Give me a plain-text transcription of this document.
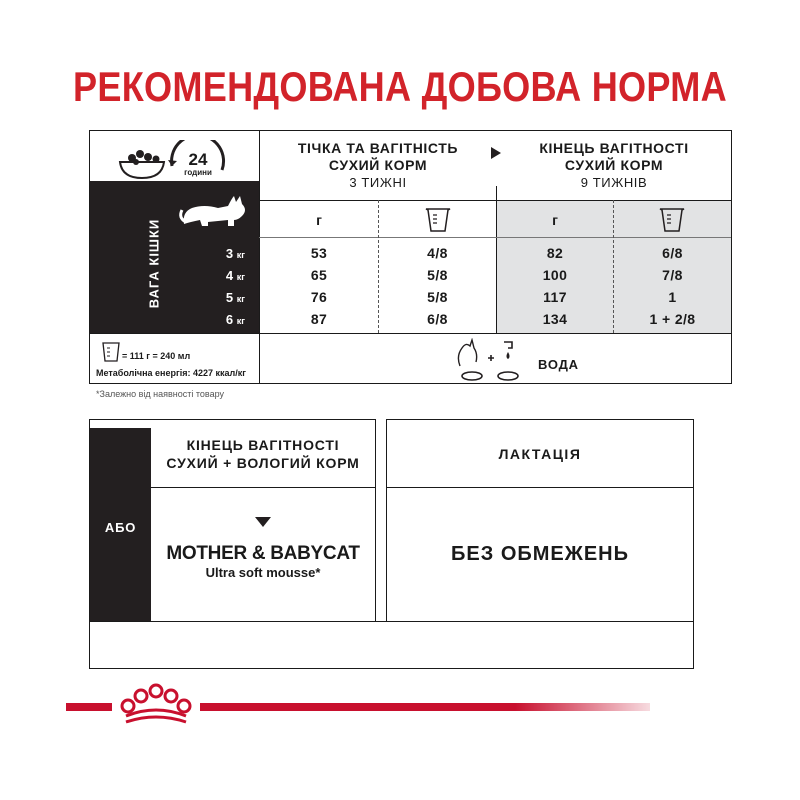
РЕКОМЕНДОВАНА ДОБОВА НОРМА
24
години
ВАГА КІШКИ
ТІЧКА ТА ВАГІТНІСТЬ
СУХИЙ КОРМ
3 ТИЖНІ
КІНЕЦЬ ВАГІТНОСТІ
СУХИЙ КОРМ
9 ТИЖНІВ
г	г
3 кг	53	4/8	82	6/8
4 кг	65	5/8	100	7/8
5 кг	76	5/8	117	1
6 кг	87	6/8	134	1 + 2/8
= 111 г = 240 мл
Метаболічна енергія: 4227 ккал/кг
ВОДА
*Залежно від наявності товару
АБО
КІНЕЦЬ ВАГІТНОСТІ
СУХИЙ + ВОЛОГИЙ КОРМ
MOTHER & BABYCAT
Ultra soft mousse*
ЛАКТАЦІЯ
БЕЗ ОБМЕЖЕНЬ
